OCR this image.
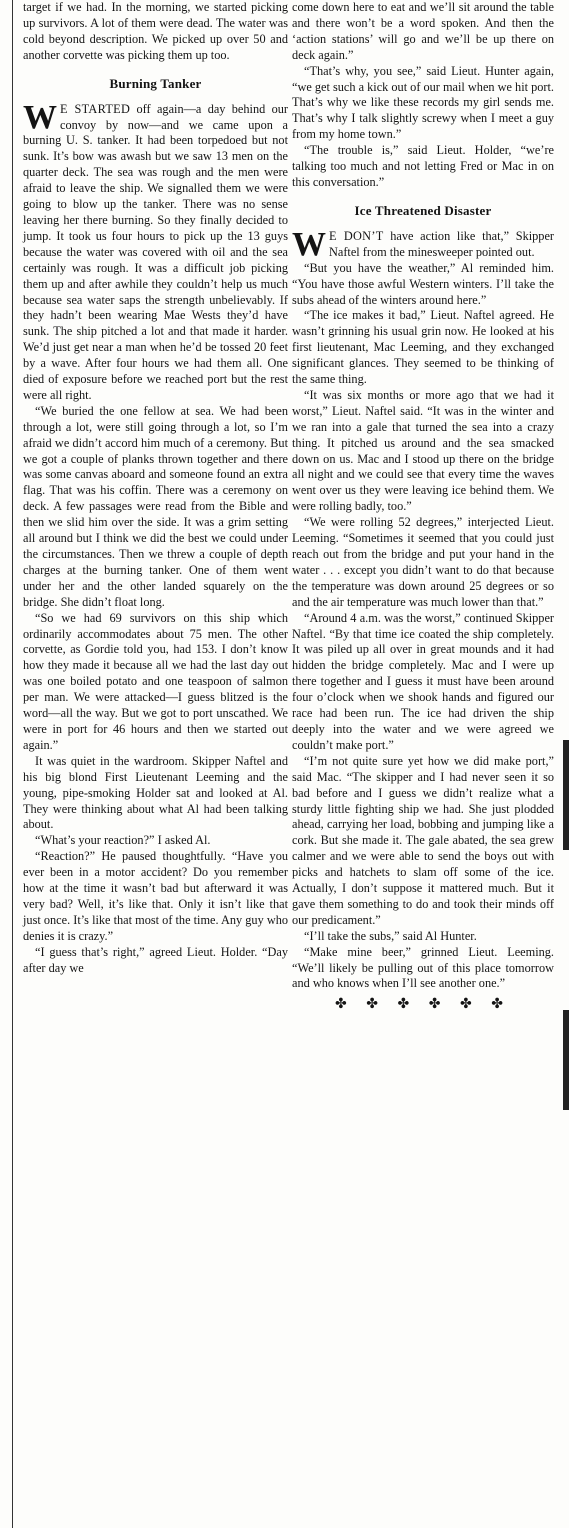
target if we had. In the morning, we started picking up survivors. A lot of them were dead. The water was cold beyond description. We picked up over 50 and another corvette was picking them up too.

Burning Tanker

W E STARTED off again—a day behind our convoy by now—and we came upon a burning U. S. tanker. It had been torpedoed but not sunk. It’s bow was awash but we saw 13 men on the quarter deck. The sea was rough and the men were afraid to leave the ship. We signalled them we were going to blow up the tanker. There was no sense leaving her there burning. So they finally decided to jump. It took us four hours to pick up the 13 guys because the water was covered with oil and the sea certainly was rough. It was a difficult job picking them up and after awhile they couldn’t help us much because sea water saps the strength unbelievably. If they hadn’t been wearing Mae Wests they’d have sunk. The ship pitched a lot and that made it harder. We’d just get near a man when he’d be tossed 20 feet by a wave. After four hours we had them all. One died of exposure before we reached port but the rest were all right.

“We buried the one fellow at sea. We had been through a lot, were still going through a lot, so I’m afraid we didn’t accord him much of a ceremony. But we got a couple of planks thrown together and there was some canvas aboard and someone found an extra flag. That was his coffin. There was a ceremony on deck. A few passages were read from the Bible and then we slid him over the side. It was a grim setting all around but I think we did the best we could under the circumstances. Then we threw a couple of depth charges at the burning tanker. One of them went under her and the other landed squarely on the bridge. She didn’t float long.

“So we had 69 survivors on this ship which ordinarily accommodates about 75 men. The other corvette, as Gordie told you, had 153. I don’t know how they made it because all we had the last day out was one boiled potato and one teaspoon of salmon per man. We were attacked—I guess blitzed is the word—all the way. But we got to port unscathed. We were in port for 46 hours and then we started out again.”

It was quiet in the wardroom. Skipper Naftel and his big blond First Lieutenant Leeming and the young, pipe-smoking Holder sat and looked at Al. They were thinking about what Al had been talking about.

“What’s your reaction?” I asked Al.

“Reaction?” He paused thoughtfully. “Have you ever been in a motor accident? Do you remember how at the time it wasn’t bad but afterward it was very bad? Well, it’s like that. Only it isn’t like that just once. It’s like that most of the time. Any guy who denies it is crazy.”

“I guess that’s right,” agreed Lieut. Holder. “Day after day we

come down here to eat and we’ll sit around the table and there won’t be a word spoken. And then the ‘action stations’ will go and we’ll be up there on deck again.”

“That’s why, you see,” said Lieut. Hunter again, “we get such a kick out of our mail when we hit port. That’s why we like these records my girl sends me. That’s why I talk slightly screwy when I meet a guy from my home town.”

“The trouble is,” said Lieut. Holder, “we’re talking too much and not letting Fred or Mac in on this conversation.”

Ice Threatened Disaster

W E DON’T have action like that,” Skipper Naftel from the minesweeper pointed out.

“But you have the weather,” Al reminded him. “You have those awful Western winters. I’ll take the subs ahead of the winters around here.”

“The ice makes it bad,” Lieut. Naftel agreed. He wasn’t grinning his usual grin now. He looked at his first lieutenant, Mac Leeming, and they exchanged significant glances. They seemed to be thinking of the same thing.

“It was six months or more ago that we had it worst,” Lieut. Naftel said. “It was in the winter and we ran into a gale that turned the sea into a crazy thing. It pitched us around and the sea smacked down on us. Mac and I stood up there on the bridge all night and we could see that every time the waves went over us they were leaving ice behind them. We were rolling badly, too.”

“We were rolling 52 degrees,” interjected Lieut. Leeming. “Sometimes it seemed that you could just reach out from the bridge and put your hand in the water . . . except you didn’t want to do that because the temperature was down around 25 degrees or so and the air temperature was much lower than that.”

“Around 4 a.m. was the worst,” continued Skipper Naftel. “By that time ice coated the ship completely. It was piled up all over in great mounds and it had hidden the bridge completely. Mac and I were up there together and I guess it must have been around four o’clock when we shook hands and figured our race had been run. The ice had driven the ship deeply into the water and we were agreed we couldn’t make port.”

“I’m not quite sure yet how we did make port,” said Mac. “The skipper and I had never seen it so bad before and I guess we didn’t realize what a sturdy little fighting ship we had. She just plodded ahead, carrying her load, bobbing and jumping like a cork. But she made it. The gale abated, the sea grew calmer and we were able to send the boys out with picks and hatchets to slam off some of the ice. Actually, I don’t suppose it mattered much. But it gave them something to do and took their minds off our predicament.”

“I’ll take the subs,” said Al Hunter.

“Make mine beer,” grinned Lieut. Leeming. “We’ll likely be pulling out of this place tomorrow and who knows when I’ll see another one.”

✤ ✤ ✤ ✤ ✤ ✤
